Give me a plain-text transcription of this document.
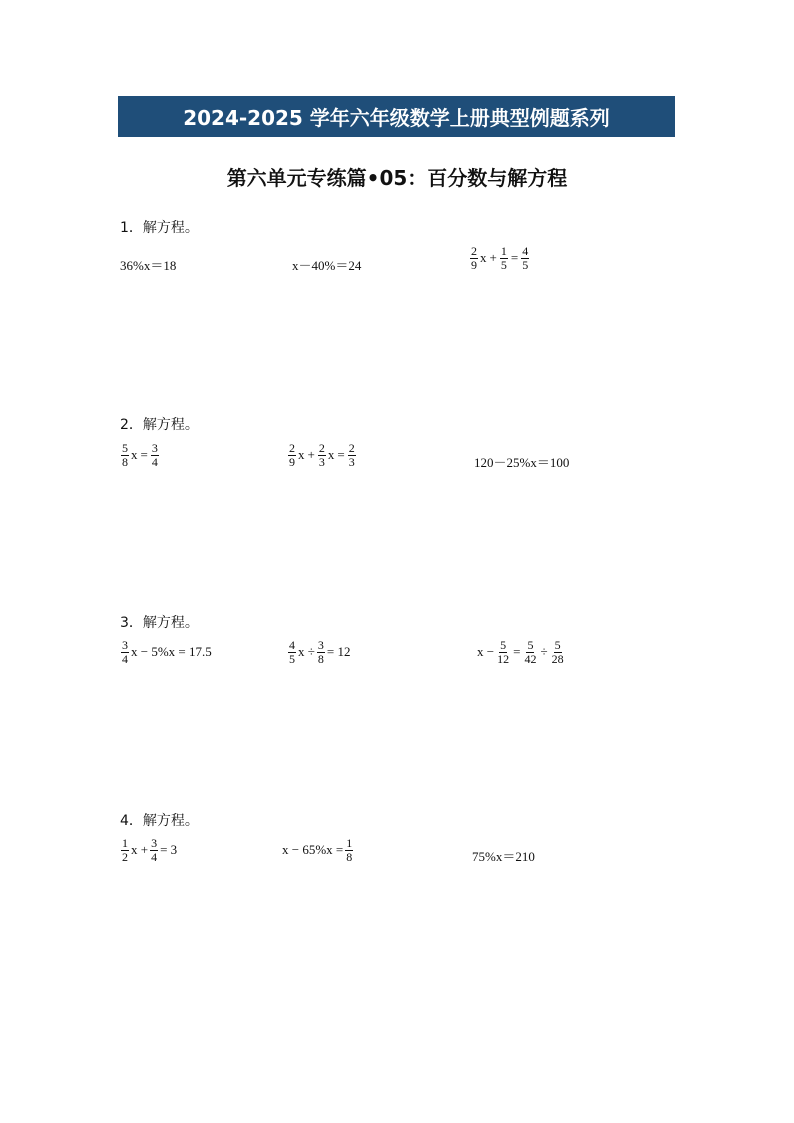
2024-2025 学年六年级数学上册典型例题系列
第六单元专练篇•05：百分数与解方程
1．解方程。
36%x＝18	x－40%＝24	$\frac{2}{9}$ $x + \frac{1}{5} = \frac{4}{5}$
2．解方程。
$\frac{5}{8}$ $x = \frac{3}{4}$	$\frac{2}{9}$ $x + \frac{2}{3}$ $x = \frac{2}{3}$	120－25%x＝100
3．解方程。
$\frac{3}{4}$ x − 5%x = 17.5	$\frac{4}{5}$ $x \div \frac{3}{8} = 12$	$x - \frac{5}{12} = \frac{5}{42} \div \frac{5}{28}$
4．解方程。
$\frac{1}{2}$ $x + \frac{3}{4} = 3$	$x - 65\%x = \frac{1}{8}$	75%x＝210
